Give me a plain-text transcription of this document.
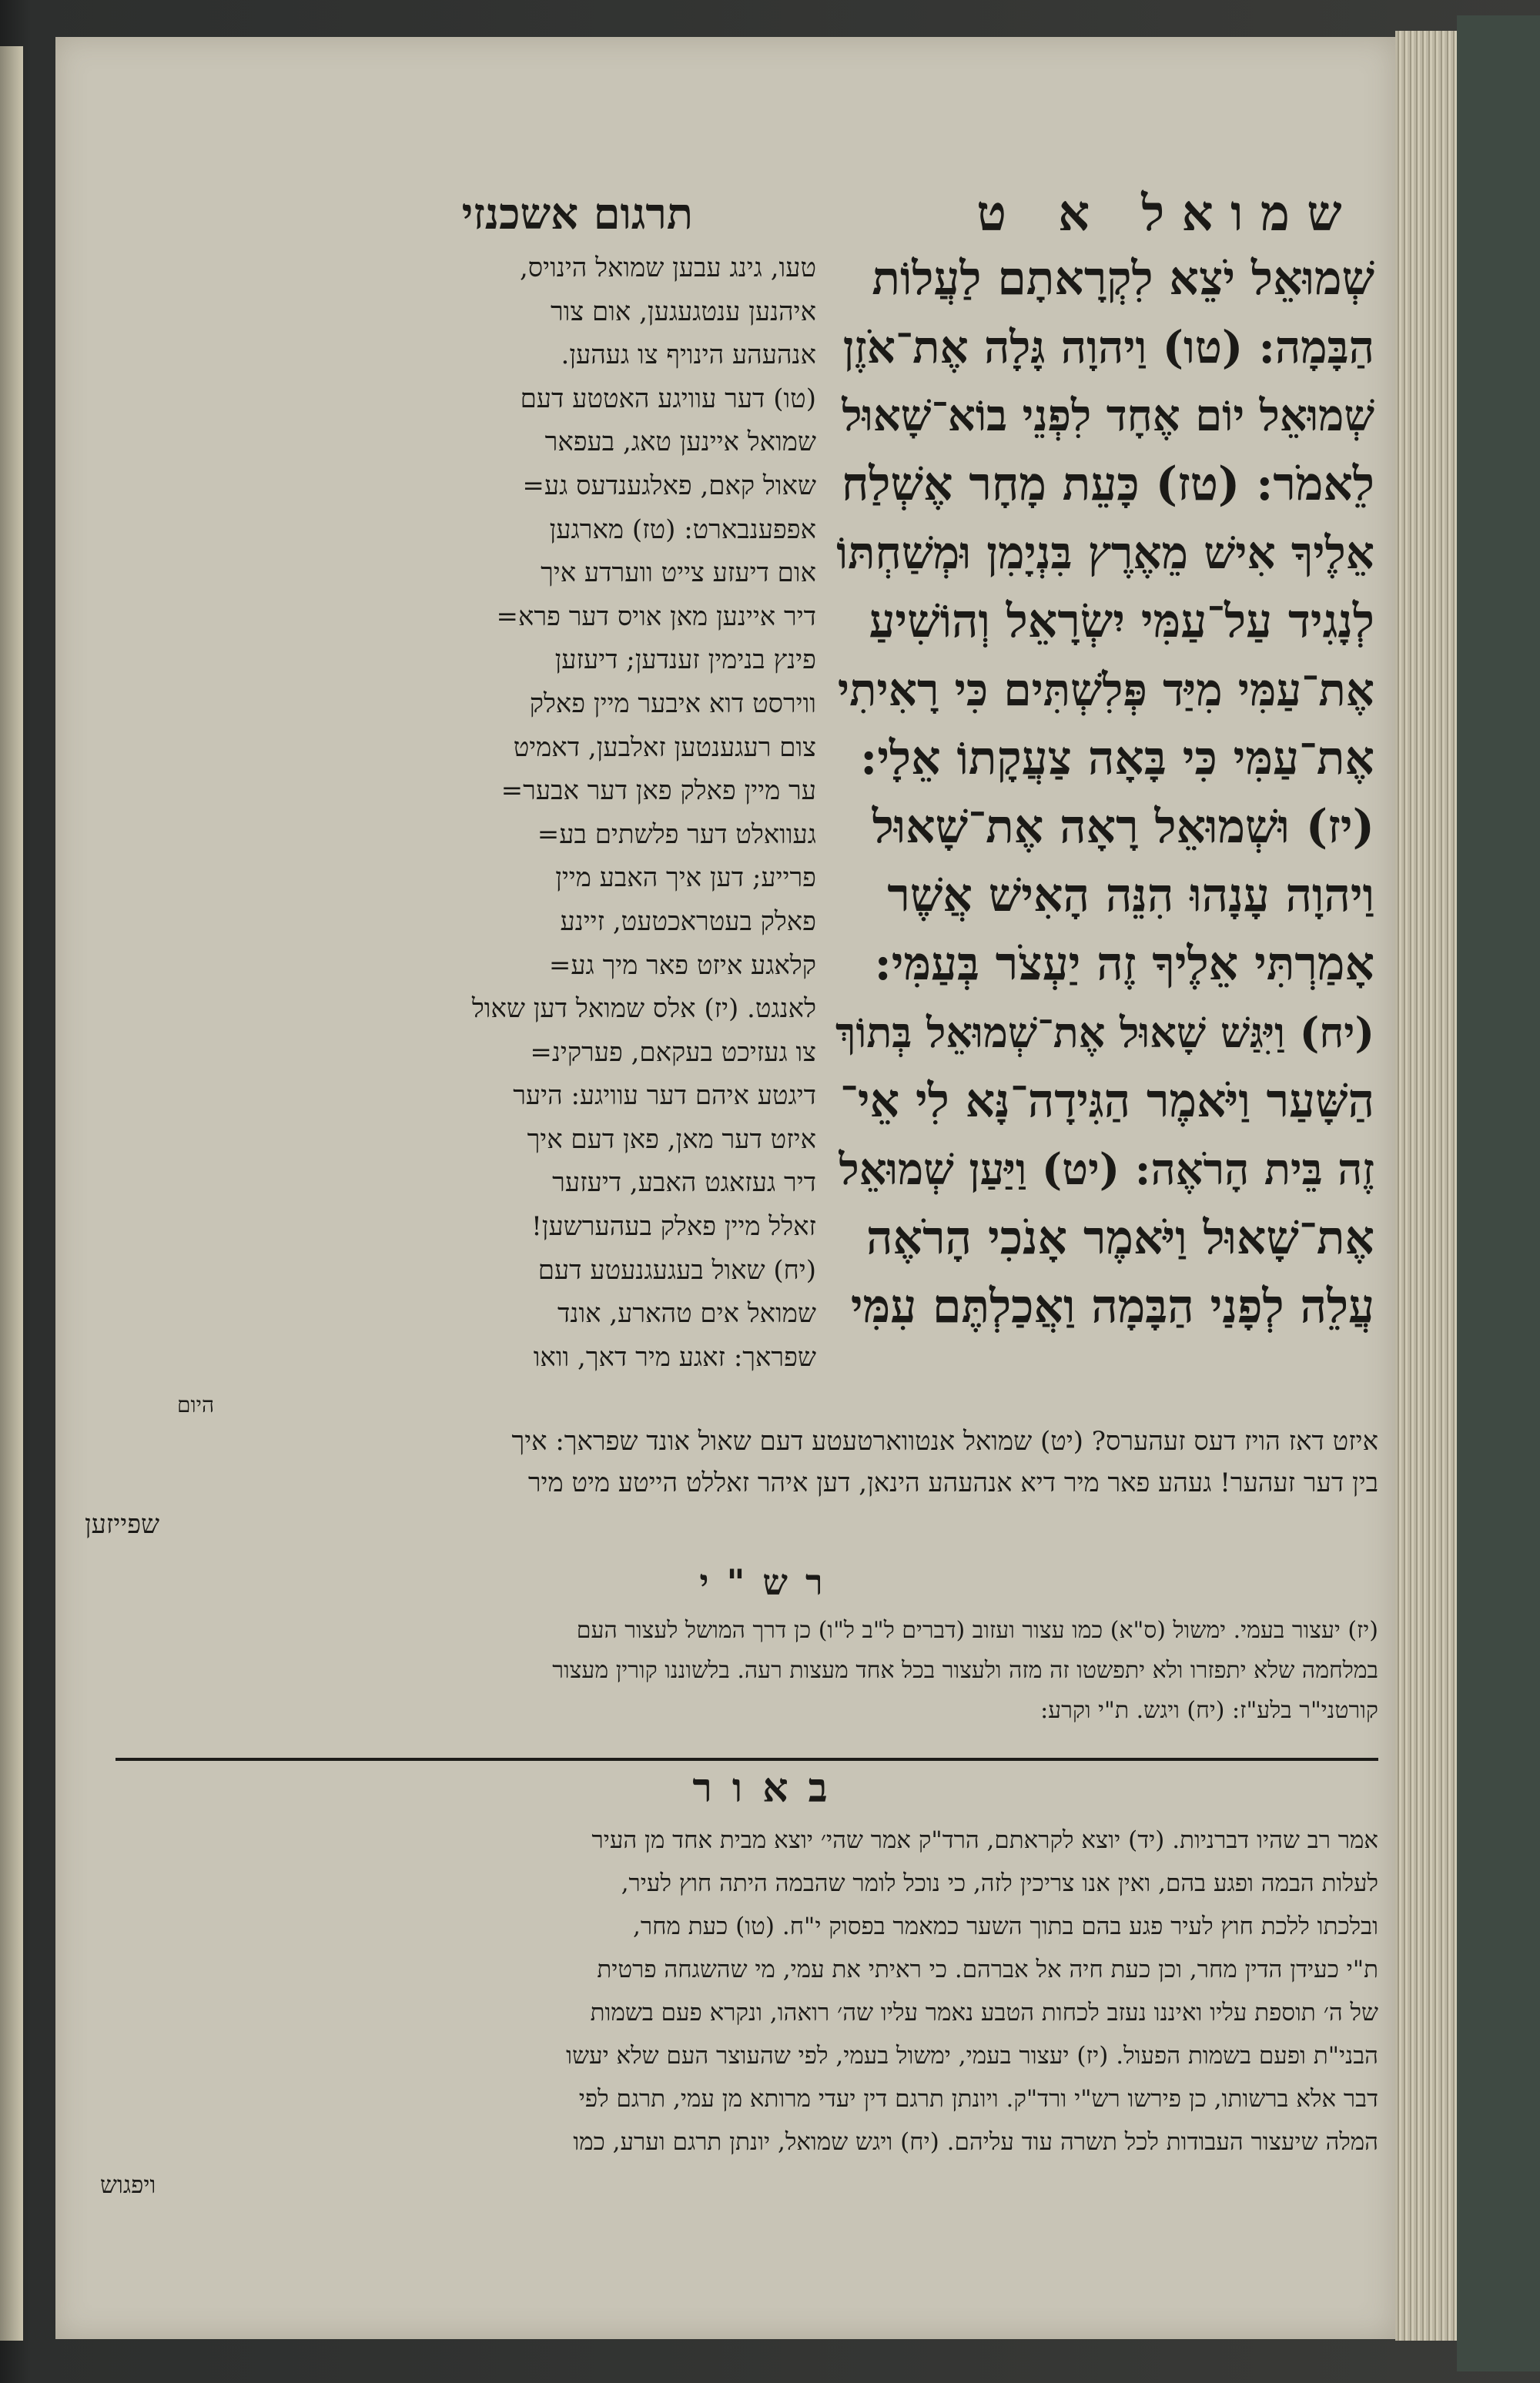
שמואל א ט
תרגום אשכנזי
שְׁמוּאֵל יֹצֵא לִקְרָאתָם לַעֲלוֹת
הַבָּמָה: (טו) וַיהוָה גָּלָה אֶת־אֹזֶן
שְׁמוּאֵל יוֹם אֶחָד לִפְנֵי בוֹא־שָׁאוּל
לֵאמֹר: (טז) כָּעֵת מָחָר אֶשְׁלַח
אֵלֶיךָ אִישׁ מֵאֶרֶץ בִּנְיָמִן וּמְשַׁחְתּוֹ
לְנָגִיד עַל־עַמִּי יִשְׂרָאֵל וְהוֹשִׁיעַ
אֶת־עַמִּי מִיַּד פְּלִשְׁתִּים כִּי רָאִיתִי
אֶת־עַמִּי כִּי בָּאָה צַעֲקָתוֹ אֵלָי:
(יז) וּשְׁמוּאֵל רָאָה אֶת־שָׁאוּל
וַיהוָה עָנָהוּ הִנֵּה הָאִישׁ אֲשֶׁר
אָמַרְתִּי אֵלֶיךָ זֶה יַעְצֹר בְּעַמִּי:
(יח) וַיִּגַּשׁ שָׁאוּל אֶת־שְׁמוּאֵל בְּתוֹךְ
הַשָּׁעַר וַיֹּאמֶר הַגִּידָה־נָּא לִי אֵי־
זֶה בֵּית הָרֹאֶה: (יט) וַיַּעַן שְׁמוּאֵל
אֶת־שָׁאוּל וַיֹּאמֶר אָנֹכִי הָרֹאֶה
עֲלֵה לְפָנַי הַבָּמָה וַאֲכַלְתֶּם עִמִּי
טעו, גינג עבען שמואל הינויס,
איהנען ענטגעגען, אום צור
אנהעהע הינויף צו געהען.
(טו) דער עוויגע האטטע דעם
שמואל איינען טאג, בעפאר
שאול קאם, פאלגענדעס גע=
אפפענבארט: (טז) מארגען
אום דיעזע צייט ווערדע איך
דיר איינען מאן אויס דער פרא=
פינץ בנימין זענדען; דיעזען
ווירסט דוא איבער מיין פאלק
צום רעגענטען זאלבען, דאמיט
ער מיין פאלק פאן דער אבער=
געוואלט דער פלשתים בע=
פרייע; דען איך האבע מיין
פאלק בעטראכטעט, זיינע
קלאגע איזט פאר מיך גע=
לאנגט. (יז) אלס שמואל דען שאול
צו געזיכט בעקאם, פערקינ=
דיגטע איהם דער עוויגע: היער
איזט דער מאן, פאן דעם איך
דיר געזאגט האבע, דיעזער
זאלל מיין פאלק בעהערשען!
(יח) שאול בעגעגנעטע דעם
שמואל אים טהארע, אונד
שפראך: זאגע מיר דאך, וואו
היום
איזט דאז הויז דעס זעהערס? (יט) שמואל אנטווארטעטע דעם שאול אונד שפראך: איך
בין דער זעהער! געהע פאר מיר דיא אנהעהע הינאן, דען איהר זאללט הייטע מיט מיר
שפייזען
רש"י
(יז) יעצור בעמי. ימשול (ס"א) כמו עצור ועזוב (דברים ל"ב ל"ו) כן דרך המושל לעצור העם
במלחמה שלא יתפזרו ולא יתפשטו זה מזה ולעצור בכל אחד מעצות רעה. בלשוננו קורין מעצור
קורטני"ר בלע"ז: (יח) ויגש. ת"י וקרע:
באור
אמר רב שהיו דברניות. (יד) יוצא לקראתם, הרד"ק אמר שהי׳ יוצא מבית אחד מן העיר
לעלות הבמה ופגע בהם, ואין אנו צריכין לזה, כי נוכל לומר שהבמה היתה חוץ לעיר,
ובלכתו ללכת חוץ לעיר פגע בהם בתוך השער כמאמר בפסוק י"ח. (טו) כעת מחר,
ת"י כעידן הדין מחר, וכן כעת חיה אל אברהם. כי ראיתי את עמי, מי שהשגחה פרטית
של ה׳ תוספת עליו ואיננו נעזב לכחות הטבע נאמר עליו שה׳ רואהו, ונקרא פעם בשמות
הבני"ת ופעם בשמות הפעול. (יז) יעצור בעמי, ימשול בעמי, לפי שהעוצר העם שלא יעשו
דבר אלא ברשותו, כן פירשו רש"י ורד"ק. ויונתן תרגם דין יעדי מרותא מן עמי, תרגם לפי
המלה שיעצור העבודות לכל תשרה עוד עליהם. (יח) ויגש שמואל, יונתן תרגם וערע, כמו
ויפגוש
